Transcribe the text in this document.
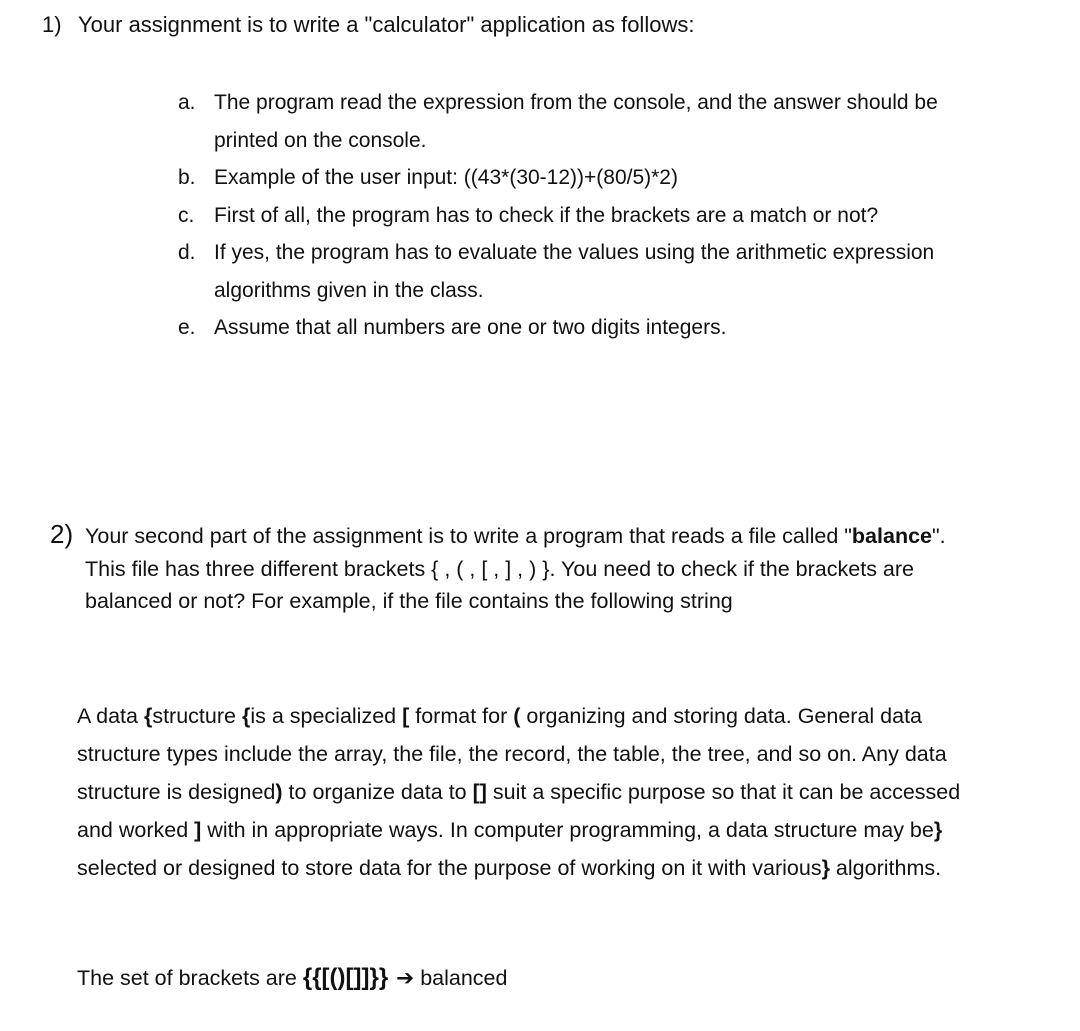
1) Your assignment is to write a "calculator" application as follows:
a. The program read the expression from the console, and the answer should be printed on the console.
b. Example of the user input: ((43*(30-12))+(80/5)*2)
c. First of all, the program has to check if the brackets are a match or not?
d. If yes, the program has to evaluate the values using the arithmetic expression algorithms given in the class.
e. Assume that all numbers are one or two digits integers.
2) Your second part of the assignment is to write a program that reads a file called "balance". This file has three different brackets { , ( , [ , ] , ) }. You need to check if the brackets are balanced or not? For example, if the file contains the following string
A data {structure {is a specialized [ format for ( organizing and storing data. General data structure types include the array, the file, the record, the table, the tree, and so on. Any data structure is designed) to organize data to [] suit a specific purpose so that it can be accessed and worked ] with in appropriate ways. In computer programming, a data structure may be} selected or designed to store data for the purpose of working on it with various} algorithms.
The set of brackets are {{[()[]]}} ➔ balanced
